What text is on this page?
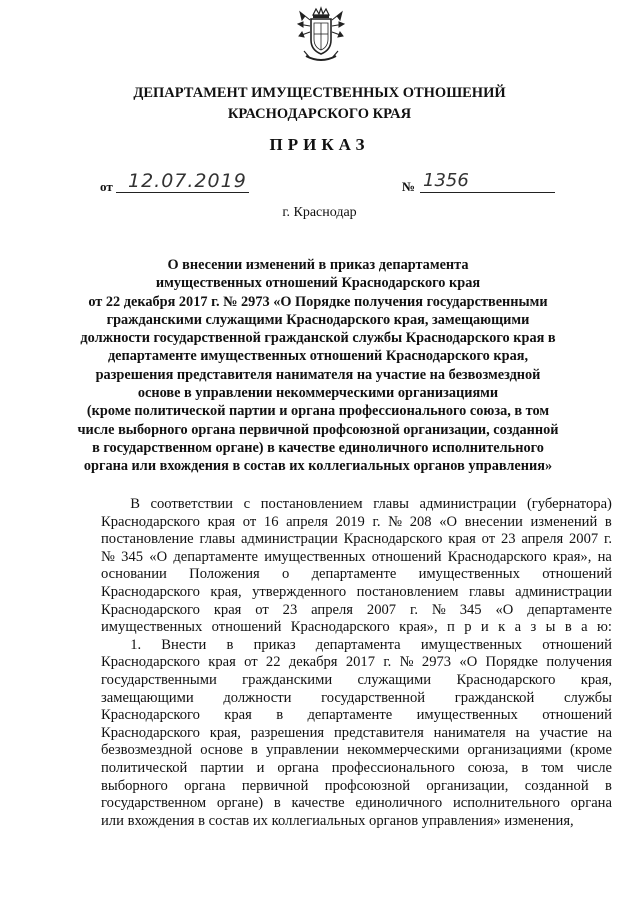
ДЕПАРТАМЕНТ ИМУЩЕСТВЕННЫХ ОТНОШЕНИЙ
КРАСНОДАРСКОГО КРАЯ
ПРИКАЗ
от 12.07.2019	№ 1356
г. Краснодар
О внесении изменений в приказ департамента
имущественных отношений Краснодарского края
от 22 декабря 2017 г. № 2973 «О Порядке получения государственными
гражданскими служащими Краснодарского края, замещающими
должности государственной гражданской службы Краснодарского края в
департаменте имущественных отношений Краснодарского края,
разрешения представителя нанимателя на участие на безвозмездной
основе в управлении некоммерческими организациями
(кроме политической партии и органа профессионального союза, в том
числе выборного органа первичной профсоюзной организации, созданной
в государственном органе) в качестве единоличного исполнительного
органа или вхождения в состав их коллегиальных органов управления»
В соответствии с постановлением главы администрации (губернатора)
Краснодарского края от 16 апреля 2019 г. № 208 «О внесении изменений в
постановление главы администрации Краснодарского края от 23 апреля 2007 г.
№ 345 «О департаменте имущественных отношений Краснодарского края», на
основании Положения о департаменте имущественных отношений
Краснодарского края, утвержденного постановлением главы администрации
Краснодарского края от 23 апреля 2007 г. № 345 «О департаменте
имущественных отношений Краснодарского края», п р и к а з ы в а ю:
1. Внести в приказ департамента имущественных отношений
Краснодарского края от 22 декабря 2017 г. № 2973 «О Порядке получения
государственными гражданскими служащими Краснодарского края,
замещающими должности государственной гражданской службы
Краснодарского края в департаменте имущественных отношений
Краснодарского края, разрешения представителя нанимателя на участие на
безвозмездной основе в управлении некоммерческими организациями (кроме
политической партии и органа профессионального союза, в том числе
выборного органа первичной профсоюзной организации, созданной в
государственном органе) в качестве единоличного исполнительного органа
или вхождения в состав их коллегиальных органов управления» изменения,
